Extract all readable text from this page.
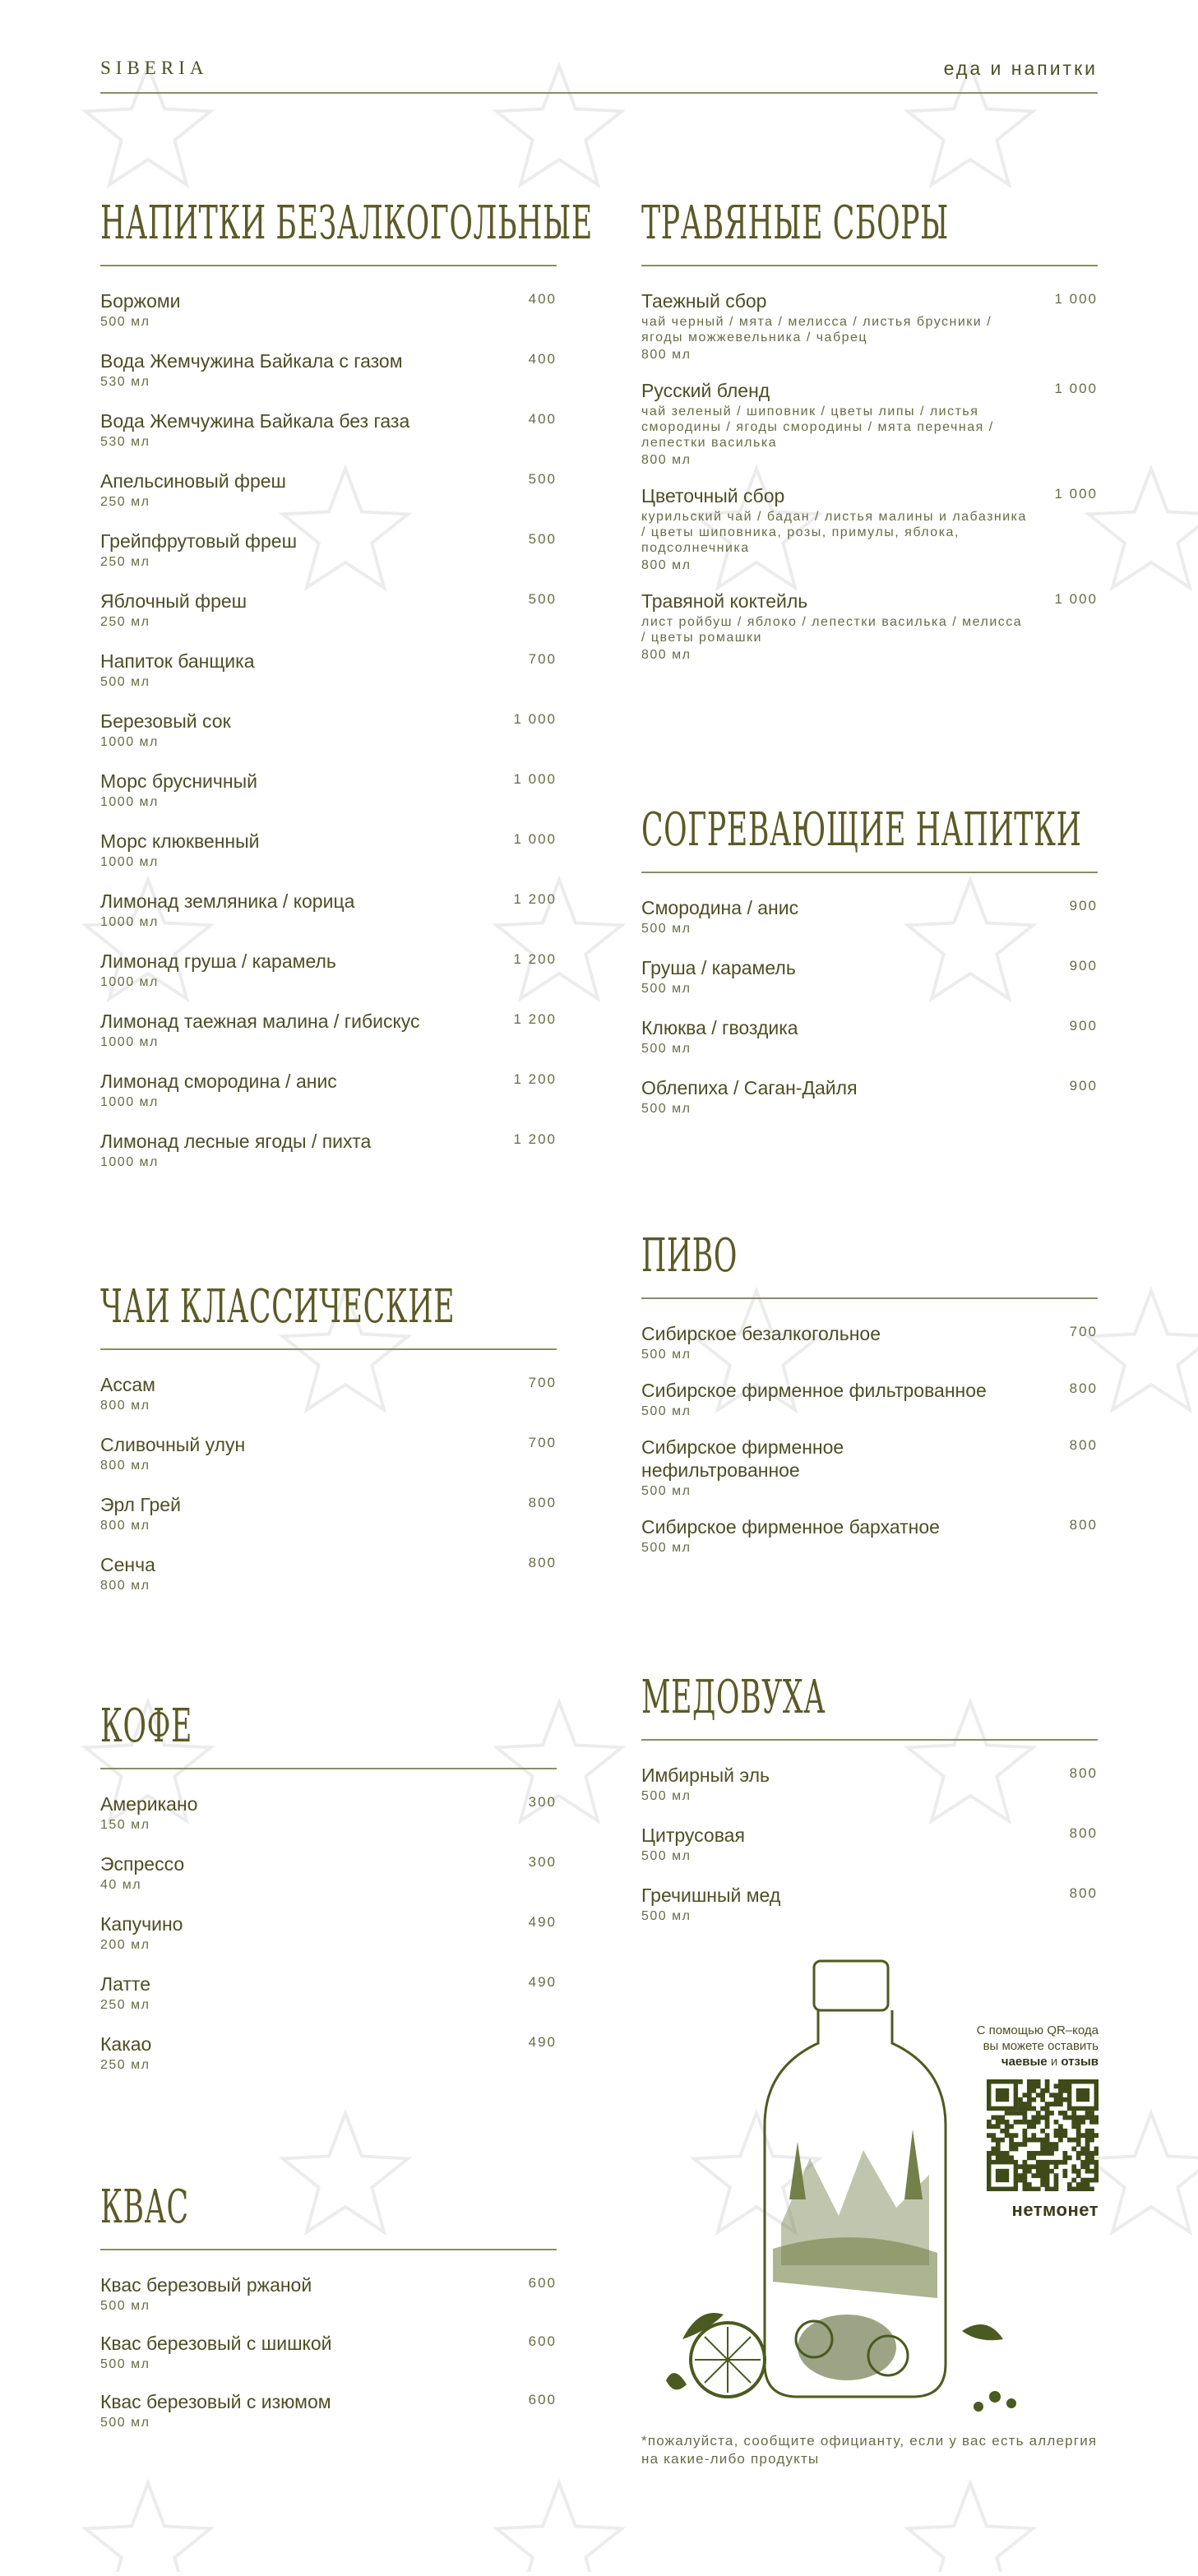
SIBERIA	еда и напитки
НАПИТКИ БЕЗАЛКОГОЛЬНЫЕ
Боржоми
500 мл
400
Вода Жемчужина Байкала с газом
530 мл
400
Вода Жемчужина Байкала без газа
530 мл
400
Апельсиновый фреш
250 мл
500
Грейпфрутовый фреш
250 мл
500
Яблочный фреш
250 мл
500
Напиток банщика
500 мл
700
Березовый сок
1000 мл
1 000
Морс брусничный
1000 мл
1 000
Морс клюквенный
1000 мл
1 000
Лимонад земляника / корица
1000 мл
1 200
Лимонад груша / карамель
1000 мл
1 200
Лимонад таежная малина / гибискус
1000 мл
1 200
Лимонад смородина / анис
1000 мл
1 200
Лимонад лесные ягоды / пихта
1000 мл
1 200
ЧАИ КЛАССИЧЕСКИЕ
Ассам
800 мл
700
Сливочный улун
800 мл
700
Эрл Грей
800 мл
800
Сенча
800 мл
800
КОФЕ
Американо
150 мл
300
Эспрессо
40 мл
300
Капучино
200 мл
490
Латте
250 мл
490
Какао
250 мл
490
КВАС
Квас березовый ржаной
500 мл
600
Квас березовый с шишкой
500 мл
600
Квас березовый с изюмом
500 мл
600
ТРАВЯНЫЕ СБОРЫ
Таежный сбор
чай черный / мята / мелисса / листья брусники / ягоды можжевельника / чабрец
800 мл
1 000
Русский бленд
чай зеленый / шиповник / цветы липы / листья смородины / ягоды смородины / мята перечная / лепестки василька
800 мл
1 000
Цветочный сбор
курильский чай / бадан / листья малины и лабазника / цветы шиповника, розы, примулы, яблока, подсолнечника
800 мл
1 000
Травяной коктейль
лист ройбуш / яблоко / лепестки василька / мелисса / цветы ромашки
800 мл
1 000
СОГРЕВАЮЩИЕ НАПИТКИ
Смородина / анис
500 мл
900
Груша / карамель
500 мл
900
Клюква / гвоздика
500 мл
900
Облепиха / Саган-Дайля
500 мл
900
ПИВО
Сибирское безалкогольное
500 мл
700
Сибирское фирменное фильтрованное
500 мл
800
Сибирское фирменное нефильтрованное
500 мл
800
Сибирское фирменное бархатное
500 мл
800
МЕДОВУХА
Имбирный эль
500 мл
800
Цитрусовая
500 мл
800
Гречишный мед
500 мл
800
С помощью QR–кода
вы можете оставить
чаевые и отзыв
нетмонет
*пожалуйста, сообщите официанту, если у вас есть аллергия на какие-либо продукты
